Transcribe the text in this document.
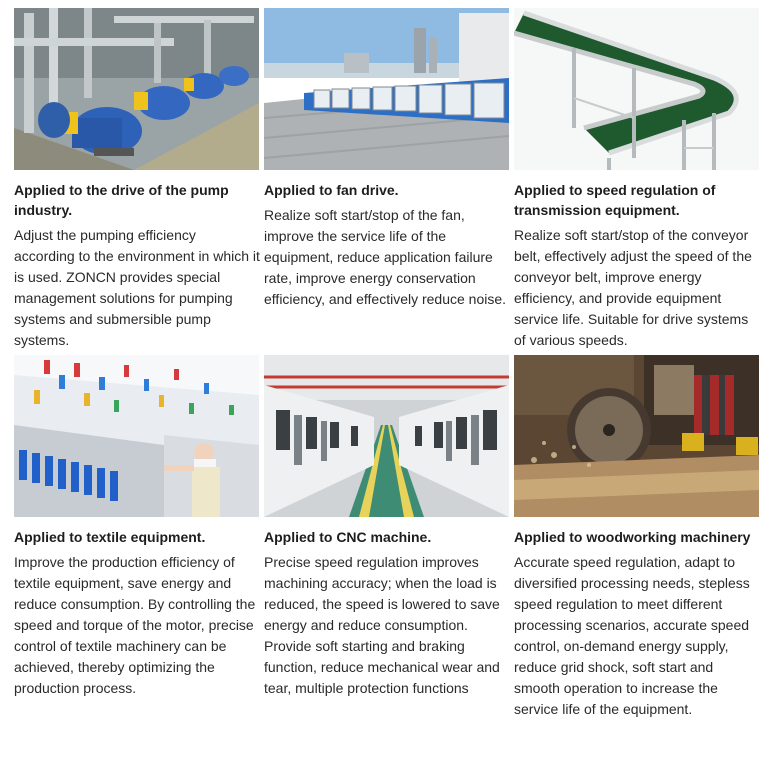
Applied to the drive of the pump industry.

Adjust the pumping efficiency according to the environment in which it is used. ZONCN provides special management solutions for pumping systems and submersible pump systems.

Applied to fan drive.

Realize soft start/stop of the fan, improve the service life of the equipment, reduce application failure rate, improve energy conservation efficiency, and effectively reduce noise.

Applied to speed regulation of transmission equipment.

Realize soft start/stop of the conveyor belt, effectively adjust the speed of the conveyor belt, improve energy efficiency, and provide equipment service life. Suitable for drive systems of various speeds.

Applied to textile equipment.

Improve the production efficiency of textile equipment, save energy and reduce consumption. By controlling the speed and torque of the motor, precise control of textile machinery can be achieved, thereby optimizing the production process.

Applied to CNC machine.

Precise speed regulation improves machining accuracy; when the load is reduced, the speed is lowered to save energy and reduce consumption. Provide soft starting and braking function, reduce mechanical wear and tear, multiple protection functions

Applied to woodworking machinery

Accurate speed regulation, adapt to diversified processing needs, stepless speed regulation to meet different processing scenarios, accurate speed control, on-demand energy supply, reduce grid shock, soft start and smooth operation to increase the service life of the equipment.
